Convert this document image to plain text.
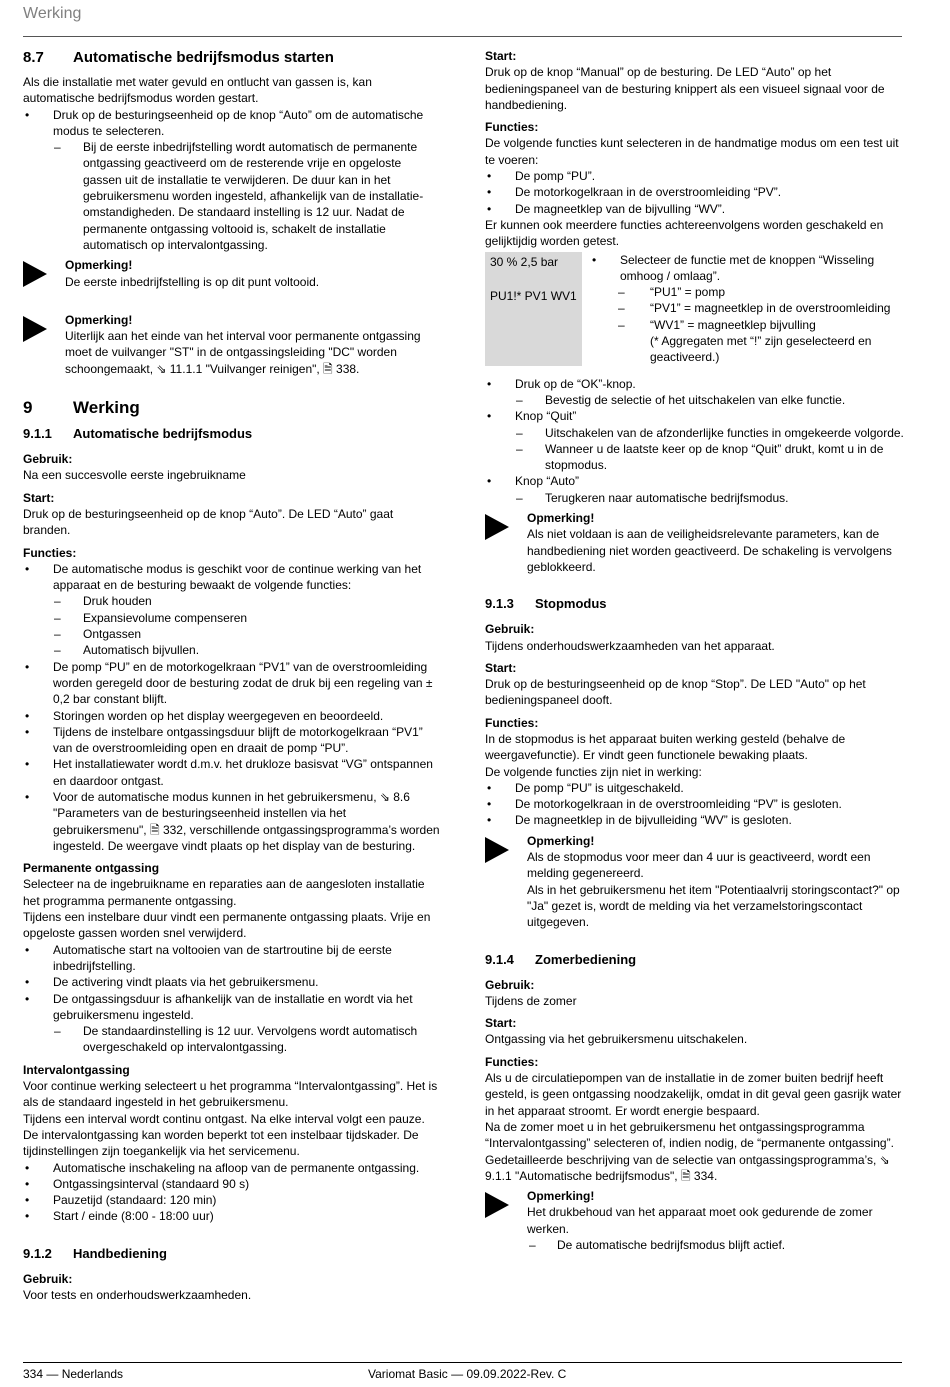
Werking
8.7	Automatische bedrijfsmodus starten

Als die installatie met water gevuld en ontlucht van gassen is, kan automatische bedrijfsmodus worden gestart.

• Druk op de besturingseenheid op de knop “Auto” om de automatische modus te selecteren.
– Bij de eerste inbedrijfstelling wordt automatisch de permanente ontgassing geactiveerd om de resterende vrije en opgeloste gassen uit de installatie te verwijderen. De duur kan in het gebruikersmenu worden ingesteld, afhankelijk van de installatie-omstandigheden. De standaard instelling is 12 uur. Nadat de permanente ontgassing voltooid is, schakelt de installatie automatisch op intervalontgassing.
Opmerking!

De eerste inbedrijfstelling is op dit punt voltooid.

Opmerking!

Uiterlijk aan het einde van het interval voor permanente ontgassing moet de vuilvanger "ST" in de ontgassingsleiding "DC" worden schoongemaakt, ⇘ 11.1.1 "Vuilvanger reinigen", 🗎 338.

9	Werking
9.1.1	Automatische bedrijfsmodus
Gebruik:

Na een succesvolle eerste ingebruikname

Start:

Druk op de besturingseenheid op de knop “Auto”. De LED “Auto” gaat branden.

Functies:
• De automatische modus is geschikt voor de continue werking van het apparaat en de besturing bewaakt de volgende functies:
– Druk houden
– Expansievolume compenseren
– Ontgassen
– Automatisch bijvullen.
• De pomp “PU” en de motorkogelkraan “PV1” van de overstroomleiding worden geregeld door de besturing zodat de druk bij een regeling van ± 0,2 bar constant blijft.
• Storingen worden op het display weergegeven en beoordeeld.
• Tijdens de instelbare ontgassingsduur blijft de motorkogelkraan “PV1” van de overstroomleiding open en draait de pomp “PU”.
• Het installatiewater wordt d.m.v. het drukloze basisvat “VG” ontspannen en daardoor ontgast.
• Voor de automatische modus kunnen in het gebruikersmenu, ⇘ 8.6 "Parameters van de besturingseenheid instellen via het gebruikersmenu", 🗎 332, verschillende ontgassingsprogramma’s worden ingesteld. De weergave vindt plaats op het display van de besturing.
Permanente ontgassing

Selecteer na de ingebruikname en reparaties aan de aangesloten installatie het programma permanente ontgassing.

Tijdens een instelbare duur vindt een permanente ontgassing plaats. Vrije en opgeloste gassen worden snel verwijderd.

• Automatische start na voltooien van de startroutine bij de eerste inbedrijfstelling.
• De activering vindt plaats via het gebruikersmenu.
• De ontgassingsduur is afhankelijk van de installatie en wordt via het gebruikersmenu ingesteld.
– De standaardinstelling is 12 uur. Vervolgens wordt automatisch overgeschakeld op intervalontgassing.
Intervalontgassing

Voor continue werking selecteert u het programma “Intervalontgassing”. Het is als de standaard ingesteld in het gebruikersmenu.

Tijdens een interval wordt continu ontgast. Na elke interval volgt een pauze. De intervalontgassing kan worden beperkt tot een instelbaar tijdskader. De tijdinstellingen zijn toegankelijk via het servicemenu.

• Automatische inschakeling na afloop van de permanente ontgassing.
• Ontgassingsinterval (standaard 90 s)
• Pauzetijd (standaard: 120 min)
• Start / einde (8:00 - 18:00 uur)
9.1.2	Handbediening
Gebruik:

Voor tests en onderhoudswerkzaamheden.

Start:

Druk op de knop “Manual” op de besturing. De LED “Auto” op het bedieningspaneel van de besturing knippert als een visueel signaal voor de handbediening.

Functies:

De volgende functies kunt selecteren in de handmatige modus om een test uit te voeren:

• De pomp “PU”.
• De motorkogelkraan in de overstroomleiding “PV”.
• De magneetklep van de bijvulling “WV”.

Er kunnen ook meerdere functies achtereenvolgens worden geschakeld en gelijktijdig worden getest.

30 % 2,5 bar

PU1!* PV1 WV1

• Selecteer de functie met de knoppen “Wisseling omhoog / omlaag”.
– “PU1” = pomp
– “PV1” = magneetklep in de overstroomleiding
– “WV1” = magneetklep bijvulling
(* Aggregaten met “!” zijn geselecteerd en geactiveerd.)
• Druk op de “OK”-knop.
– Bevestig de selectie of het uitschakelen van elke functie.
• Knop “Quit”
– Uitschakelen van de afzonderlijke functies in omgekeerde volgorde.
– Wanneer u de laatste keer op de knop “Quit” drukt, komt u in de stopmodus.
• Knop “Auto”
– Terugkeren naar automatische bedrijfsmodus.
Opmerking!

Als niet voldaan is aan de veiligheidsrelevante parameters, kan de handbediening niet worden geactiveerd. De schakeling is vervolgens geblokkeerd.

9.1.3	Stopmodus
Gebruik:

Tijdens onderhoudswerkzaamheden van het apparaat.

Start:

Druk op de besturingseenheid op de knop “Stop”. De LED "Auto" op het bedieningspaneel dooft.

Functies:

In de stopmodus is het apparaat buiten werking gesteld (behalve de weergavefunctie). Er vindt geen functionele bewaking plaats.

De volgende functies zijn niet in werking:

• De pomp “PU” is uitgeschakeld.
• De motorkogelkraan in de overstroomleiding “PV” is gesloten.
• De magneetklep in de bijvulleiding “WV” is gesloten.
Opmerking!

Als de stopmodus voor meer dan 4 uur is geactiveerd, wordt een melding gegenereerd.

Als in het gebruikersmenu het item "Potentiaalvrij storingscontact?" op "Ja" gezet is, wordt de melding via het verzamelstoringscontact uitgegeven.

9.1.4	Zomerbediening
Gebruik:

Tijdens de zomer

Start:

Ontgassing via het gebruikersmenu uitschakelen.

Functies:

Als u de circulatiepompen van de installatie in de zomer buiten bedrijf heeft gesteld, is geen ontgassing noodzakelijk, omdat in dit geval geen gasrijk water in het apparaat stroomt. Er wordt energie bespaard.

Na de zomer moet u in het gebruikersmenu het ontgassingsprogramma “Intervalontgassing” selecteren of, indien nodig, de “permanente ontgassing”. Gedetailleerde beschrijving van de selectie van ontgassingsprogramma’s, ⇘ 9.1.1 "Automatische bedrijfsmodus", 🗎 334.

Opmerking!

Het drukbehoud van het apparaat moet ook gedurende de zomer werken.

– De automatische bedrijfsmodus blijft actief.
334 — Nederlands	Variomat Basic — 09.09.2022-Rev. C
